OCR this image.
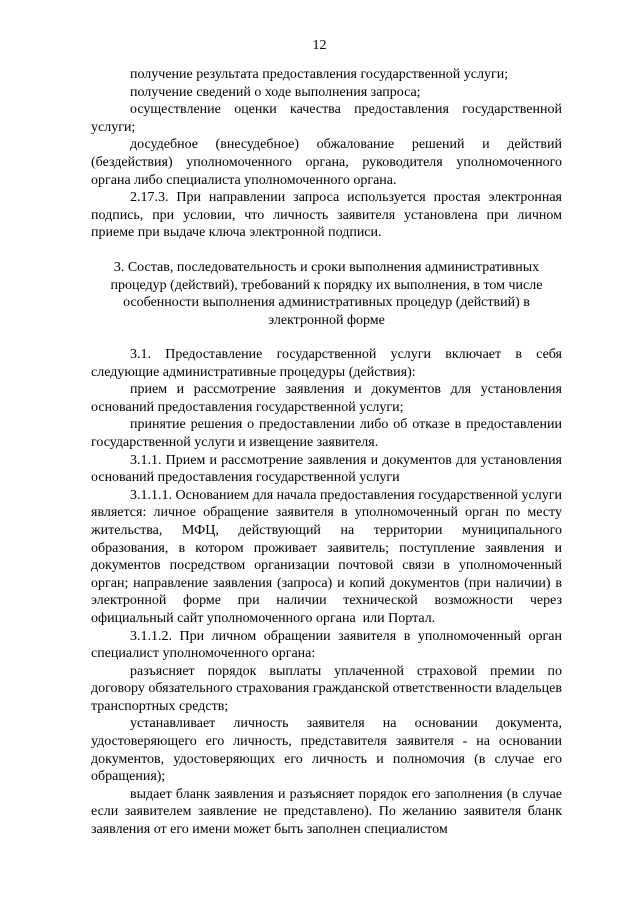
12

получение результата предоставления государственной услуги;

получение сведений о ходе выполнения запроса;

осуществление оценки качества предоставления государственной услуги;

досудебное (внесудебное) обжалование решений и действий (бездействия) уполномоченного органа, руководителя уполномоченного органа либо специалиста уполномоченного органа.

2.17.3. При направлении запроса используется простая электронная подпись, при условии, что личность заявителя установлена при личном приеме при выдаче ключа электронной подписи.

3. Состав, последовательность и сроки выполнения административных

процедур (действий), требований к порядку их выполнения, в том числе

особенности выполнения административных процедур (действий) в

электронной форме

3.1. Предоставление государственной услуги включает в себя следующие административные процедуры (действия):

прием и рассмотрение заявления и документов для установления оснований предоставления государственной услуги;

принятие решения о предоставлении либо об отказе в предоставлении государственной услуги и извещение заявителя.

3.1.1. Прием и рассмотрение заявления и документов для установления оснований предоставления государственной услуги

3.1.1.1. Основанием для начала предоставления государственной услуги является: личное обращение заявителя в уполномоченный орган по месту жительства, МФЦ, действующий на территории муниципального образования, в котором проживает заявитель; поступление заявления и документов посредством организации почтовой связи в уполномоченный орган; направление заявления (запроса) и копий документов (при наличии) в электронной форме при наличии технической возможности через официальный сайт уполномоченного органа  или Портал.

3.1.1.2. При личном обращении заявителя в уполномоченный орган специалист уполномоченного органа:

разъясняет порядок выплаты уплаченной страховой премии по договору обязательного страхования гражданской ответственности владельцев транспортных средств;

устанавливает личность заявителя на основании документа, удостоверяющего его личность, представителя заявителя - на основании документов, удостоверяющих его личность и полномочия (в случае его обращения);

выдает бланк заявления и разъясняет порядок его заполнения (в случае если заявителем заявление не представлено). По желанию заявителя бланк заявления от его имени может быть заполнен специалистом
